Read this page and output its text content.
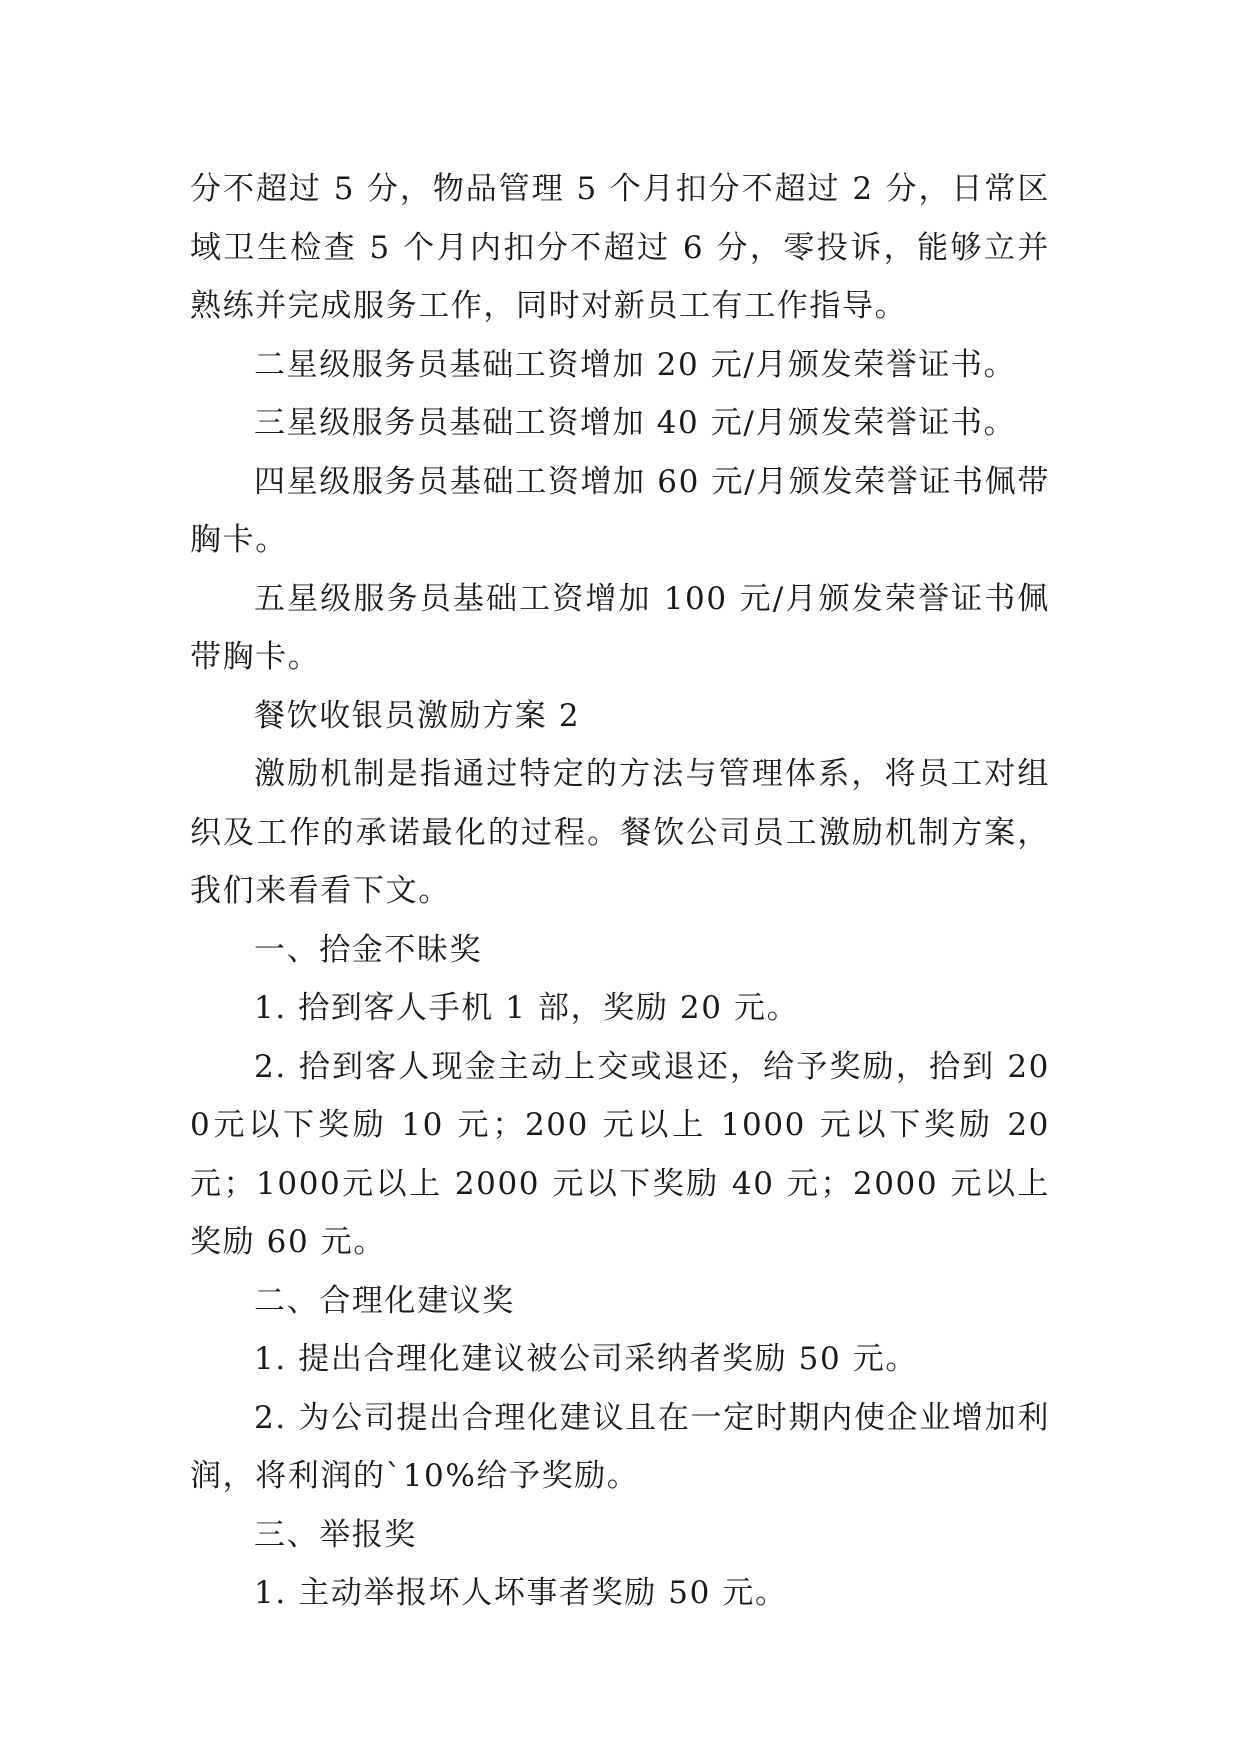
分不超过 5 分，物品管理 5 个月扣分不超过 2 分，日常区域卫生检查 5 个月内扣分不超过 6 分，零投诉，能够立并熟练并完成服务工作，同时对新员工有工作指导。

二星级服务员基础工资增加 20 元/月颁发荣誉证书。

三星级服务员基础工资增加 40 元/月颁发荣誉证书。

四星级服务员基础工资增加 60 元/月颁发荣誉证书佩带胸卡。

五星级服务员基础工资增加 100 元/月颁发荣誉证书佩带胸卡。

餐饮收银员激励方案 2

激励机制是指通过特定的方法与管理体系，将员工对组织及工作的承诺最化的过程。餐饮公司员工激励机制方案，我们来看看下文。

一、拾金不昧奖

1. 拾到客人手机 1 部，奖励 20 元。

2. 拾到客人现金主动上交或退还，给予奖励，拾到 200元以下奖励 10 元；200 元以上 1000 元以下奖励 20 元；1000元以上 2000 元以下奖励 40 元；2000 元以上奖励 60 元。

二、合理化建议奖

1. 提出合理化建议被公司采纳者奖励 50 元。

2. 为公司提出合理化建议且在一定时期内使企业增加利润，将利润的`10%给予奖励。

三、举报奖

1. 主动举报坏人坏事者奖励 50 元。
